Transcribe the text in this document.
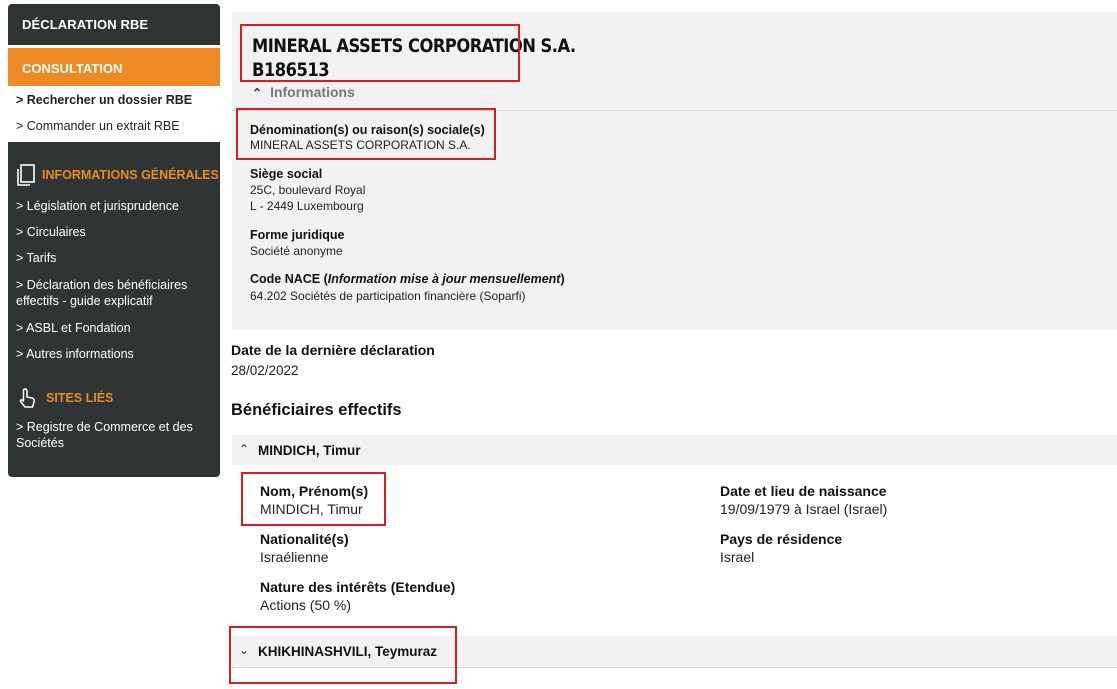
DÉCLARATION RBE
CONSULTATION
> Rechercher un dossier RBE
> Commander un extrait RBE
INFORMATIONS GÉNÉRALES
> Législation et jurisprudence
> Circulaires
> Tarifs
> Déclaration des bénéficiaires effectifs - guide explicatif
> ASBL et Fondation
> Autres informations
SITES LIÉS
> Registre de Commerce et des Sociétés
MINERAL ASSETS CORPORATION S.A.
B186513
⌃ Informations
Dénomination(s) ou raison(s) sociale(s)
MINERAL ASSETS CORPORATION S.A.
Siège social
25C, boulevard Royal
L - 2449 Luxembourg
Forme juridique
Société anonyme
Code NACE (Information mise à jour mensuellement)
64.202 Sociétés de participation financière (Soparfi)
Date de la dernière déclaration
28/02/2022
Bénéficiaires effectifs
⌃ MINDICH, Timur
Nom, Prénom(s)
MINDICH, Timur
Date et lieu de naissance
19/09/1979 à Israel (Israel)
Nationalité(s)
Israélienne
Pays de résidence
Israel
Nature des intérêts (Etendue)
Actions (50 %)
⌄ KHIKHINASHVILI, Teymuraz
